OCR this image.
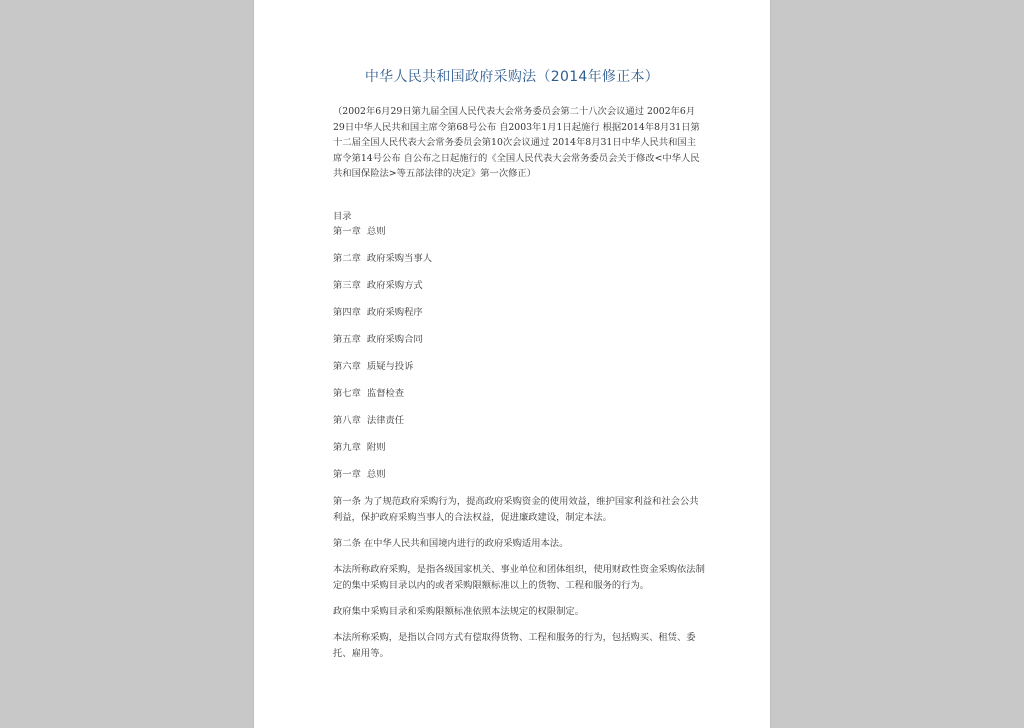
中华人民共和国政府采购法（2014年修正本）
（2002年6月29日第九届全国人民代表大会常务委员会第二十八次会议通过 2002年6月29日中华人民共和国主席令第68号公布 自2003年1月1日起施行 根据2014年8月31日第十二届全国人民代表大会常务委员会第10次会议通过 2014年8月31日中华人民共和国主席令第14号公布 自公布之日起施行的《全国人民代表大会常务委员会关于修改<中华人民共和国保险法>等五部法律的决定》第一次修正）

目录

第一章 总则

第二章 政府采购当事人

第三章 政府采购方式

第四章 政府采购程序

第五章 政府采购合同

第六章 质疑与投诉

第七章 监督检查

第八章 法律责任

第九章 附则

第一章 总则

第一条 为了规范政府采购行为，提高政府采购资金的使用效益，维护国家利益和社会公共利益，保护政府采购当事人的合法权益，促进廉政建设，制定本法。

第二条 在中华人民共和国境内进行的政府采购适用本法。

本法所称政府采购，是指各级国家机关、事业单位和团体组织，使用财政性资金采购依法制定的集中采购目录以内的或者采购限额标准以上的货物、工程和服务的行为。

政府集中采购目录和采购限额标准依照本法规定的权限制定。

本法所称采购，是指以合同方式有偿取得货物、工程和服务的行为，包括购买、租赁、委托、雇用等。
